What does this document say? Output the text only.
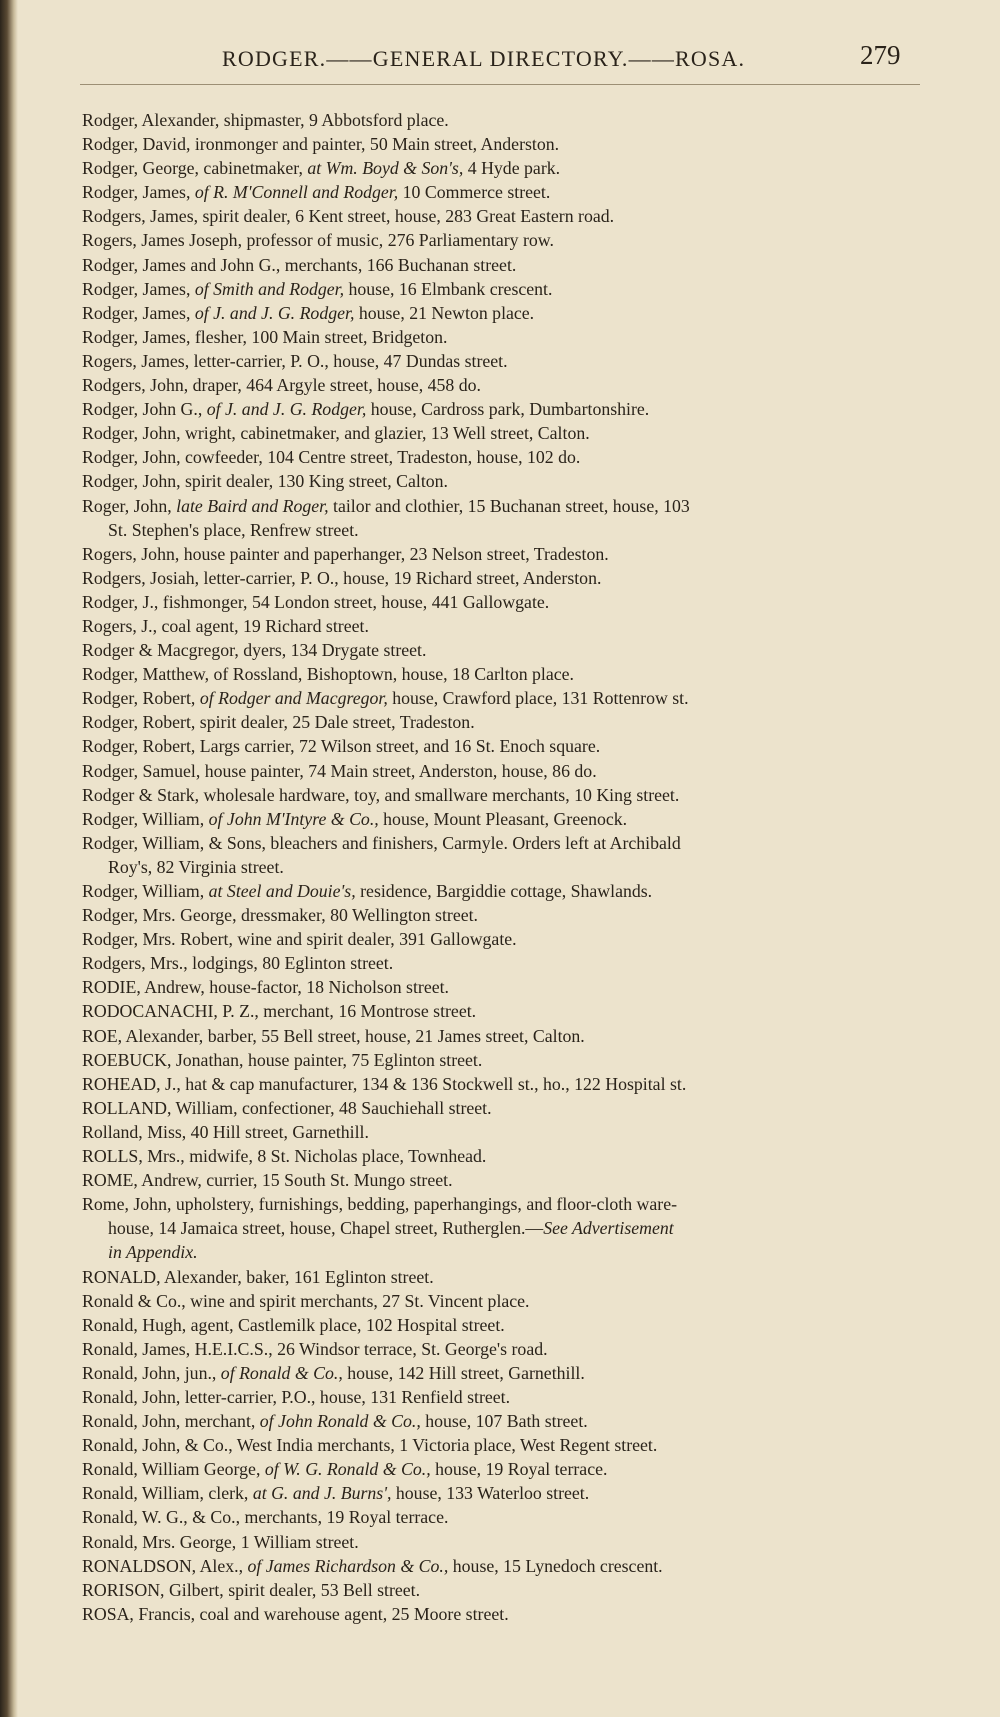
RODGER.——GENERAL DIRECTORY.——ROSA.	279
Rodger, Alexander, shipmaster, 9 Abbotsford place.
Rodger, David, ironmonger and painter, 50 Main street, Anderston.
Rodger, George, cabinetmaker, at Wm. Boyd & Son's, 4 Hyde park.
Rodger, James, of R. M'Connell and Rodger, 10 Commerce street.
Rodgers, James, spirit dealer, 6 Kent street, house, 283 Great Eastern road.
Rogers, James Joseph, professor of music, 276 Parliamentary row.
Rodger, James and John G., merchants, 166 Buchanan street.
Rodger, James, of Smith and Rodger, house, 16 Elmbank crescent.
Rodger, James, of J. and J. G. Rodger, house, 21 Newton place.
Rodger, James, flesher, 100 Main street, Bridgeton.
Rogers, James, letter-carrier, P. O., house, 47 Dundas street.
Rodgers, John, draper, 464 Argyle street, house, 458 do.
Rodger, John G., of J. and J. G. Rodger, house, Cardross park, Dumbartonshire.
Rodger, John, wright, cabinetmaker, and glazier, 13 Well street, Calton.
Rodger, John, cowfeeder, 104 Centre street, Tradeston, house, 102 do.
Rodger, John, spirit dealer, 130 King street, Calton.
Roger, John, late Baird and Roger, tailor and clothier, 15 Buchanan street, house, 103
St. Stephen's place, Renfrew street.
Rogers, John, house painter and paperhanger, 23 Nelson street, Tradeston.
Rodgers, Josiah, letter-carrier, P. O., house, 19 Richard street, Anderston.
Rodger, J., fishmonger, 54 London street, house, 441 Gallowgate.
Rogers, J., coal agent, 19 Richard street.
Rodger & Macgregor, dyers, 134 Drygate street.
Rodger, Matthew, of Rossland, Bishoptown, house, 18 Carlton place.
Rodger, Robert, of Rodger and Macgregor, house, Crawford place, 131 Rottenrow st.
Rodger, Robert, spirit dealer, 25 Dale street, Tradeston.
Rodger, Robert, Largs carrier, 72 Wilson street, and 16 St. Enoch square.
Rodger, Samuel, house painter, 74 Main street, Anderston, house, 86 do.
Rodger & Stark, wholesale hardware, toy, and smallware merchants, 10 King street.
Rodger, William, of John M'Intyre & Co., house, Mount Pleasant, Greenock.
Rodger, William, & Sons, bleachers and finishers, Carmyle. Orders left at Archibald
Roy's, 82 Virginia street.
Rodger, William, at Steel and Douie's, residence, Bargiddie cottage, Shawlands.
Rodger, Mrs. George, dressmaker, 80 Wellington street.
Rodger, Mrs. Robert, wine and spirit dealer, 391 Gallowgate.
Rodgers, Mrs., lodgings, 80 Eglinton street.
RODIE, Andrew, house-factor, 18 Nicholson street.
RODOCANACHI, P. Z., merchant, 16 Montrose street.
ROE, Alexander, barber, 55 Bell street, house, 21 James street, Calton.
ROEBUCK, Jonathan, house painter, 75 Eglinton street.
ROHEAD, J., hat & cap manufacturer, 134 & 136 Stockwell st., ho., 122 Hospital st.
ROLLAND, William, confectioner, 48 Sauchiehall street.
Rolland, Miss, 40 Hill street, Garnethill.
ROLLS, Mrs., midwife, 8 St. Nicholas place, Townhead.
ROME, Andrew, currier, 15 South St. Mungo street.
Rome, John, upholstery, furnishings, bedding, paperhangings, and floor-cloth ware-
house, 14 Jamaica street, house, Chapel street, Rutherglen.—See Advertisement
in Appendix.
RONALD, Alexander, baker, 161 Eglinton street.
Ronald & Co., wine and spirit merchants, 27 St. Vincent place.
Ronald, Hugh, agent, Castlemilk place, 102 Hospital street.
Ronald, James, H.E.I.C.S., 26 Windsor terrace, St. George's road.
Ronald, John, jun., of Ronald & Co., house, 142 Hill street, Garnethill.
Ronald, John, letter-carrier, P.O., house, 131 Renfield street.
Ronald, John, merchant, of John Ronald & Co., house, 107 Bath street.
Ronald, John, & Co., West India merchants, 1 Victoria place, West Regent street.
Ronald, William George, of W. G. Ronald & Co., house, 19 Royal terrace.
Ronald, William, clerk, at G. and J. Burns', house, 133 Waterloo street.
Ronald, W. G., & Co., merchants, 19 Royal terrace.
Ronald, Mrs. George, 1 William street.
RONALDSON, Alex., of James Richardson & Co., house, 15 Lynedoch crescent.
RORISON, Gilbert, spirit dealer, 53 Bell street.
ROSA, Francis, coal and warehouse agent, 25 Moore street.
